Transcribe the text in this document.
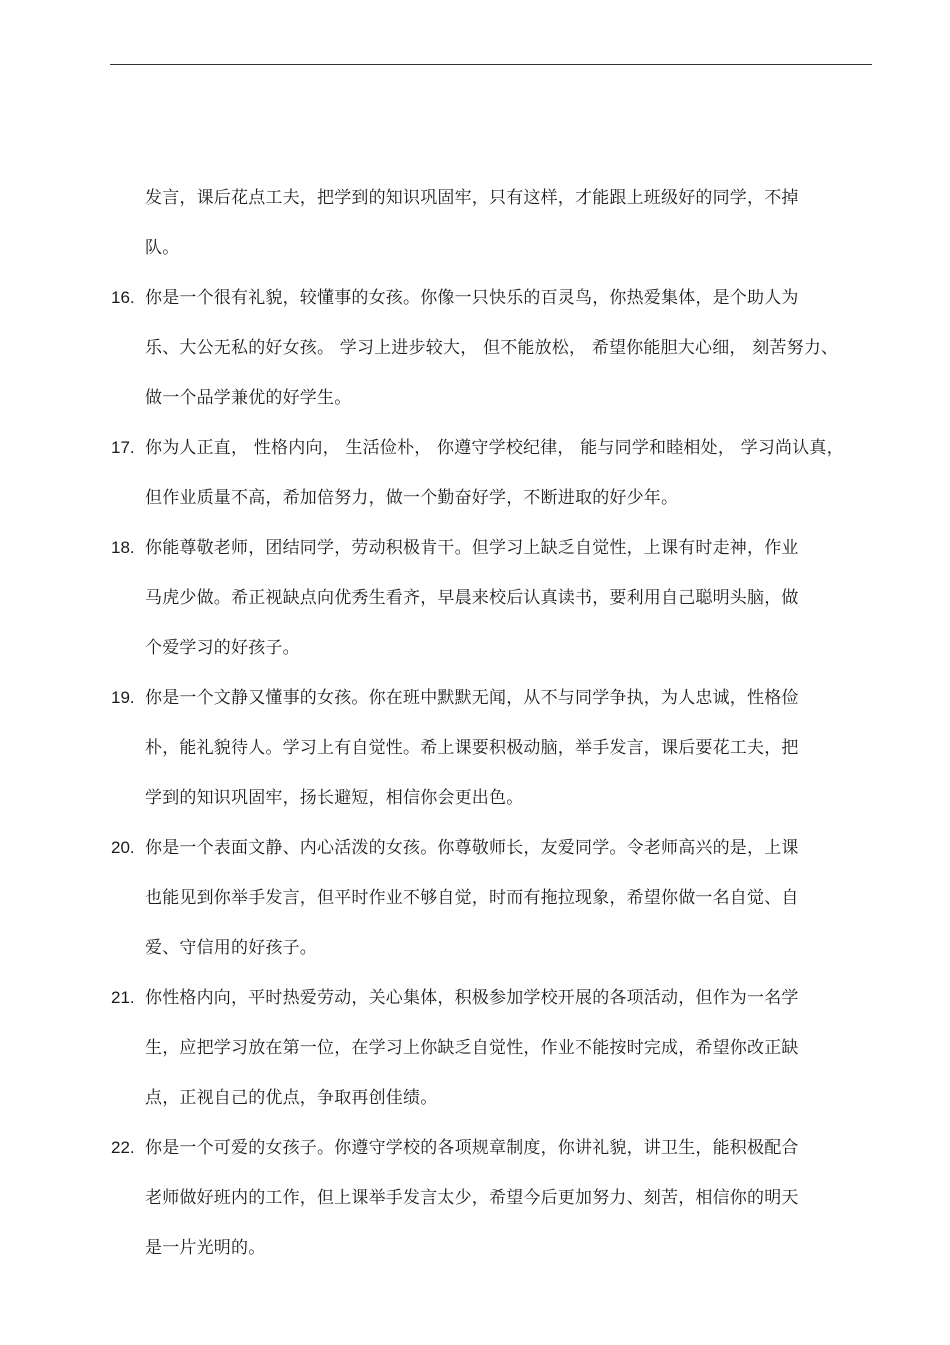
发言，课后花点工夫，把学到的知识巩固牢，只有这样，才能跟上班级好的同学，不掉
队。
16. 你是一个很有礼貌，较懂事的女孩。你像一只快乐的百灵鸟，你热爱集体，是个助人为
乐、大公无私的好女孩。 学习上进步较大， 但不能放松， 希望你能胆大心细， 刻苦努力、
做一个品学兼优的好学生。
17. 你为人正直， 性格内向， 生活俭朴， 你遵守学校纪律， 能与同学和睦相处， 学习尚认真，
但作业质量不高，希加倍努力，做一个勤奋好学，不断进取的好少年。
18. 你能尊敬老师，团结同学，劳动积极肯干。但学习上缺乏自觉性，上课有时走神，作业
马虎少做。希正视缺点向优秀生看齐，早晨来校后认真读书，要利用自己聪明头脑，做
个爱学习的好孩子。
19. 你是一个文静又懂事的女孩。你在班中默默无闻，从不与同学争执，为人忠诚，性格俭
朴，能礼貌待人。学习上有自觉性。希上课要积极动脑，举手发言，课后要花工夫，把
学到的知识巩固牢，扬长避短，相信你会更出色。
20. 你是一个表面文静、内心活泼的女孩。你尊敬师长，友爱同学。令老师高兴的是，上课
也能见到你举手发言，但平时作业不够自觉，时而有拖拉现象，希望你做一名自觉、自
爱、守信用的好孩子。
21. 你性格内向，平时热爱劳动，关心集体，积极参加学校开展的各项活动，但作为一名学
生，应把学习放在第一位，在学习上你缺乏自觉性，作业不能按时完成，希望你改正缺
点，正视自己的优点，争取再创佳绩。
22. 你是一个可爱的女孩子。你遵守学校的各项规章制度，你讲礼貌，讲卫生，能积极配合
老师做好班内的工作，但上课举手发言太少，希望今后更加努力、刻苦，相信你的明天
是一片光明的。
